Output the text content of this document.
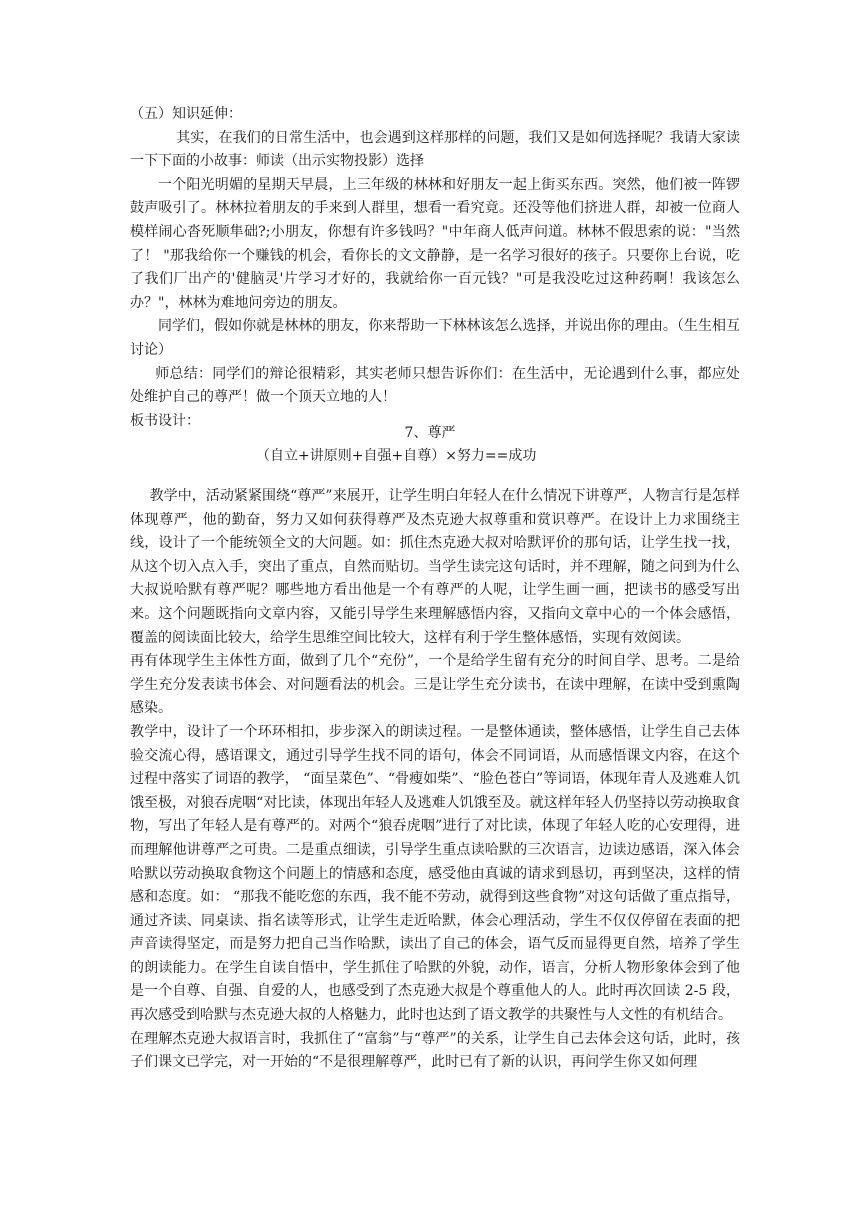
（五）知识延伸：

其实，在我们的日常生活中，也会遇到这样那样的问题，我们又是如何选择呢？我请大家读一下下面的小故事：师读（出示实物投影）选择

一个阳光明媚的星期天早晨，上三年级的林林和好朋友一起上街买东西。突然，他们被一阵锣鼓声吸引了。林林拉着朋友的手来到人群里，想看一看究竟。还没等他们挤进人群，却被一位商人模样闹心沓死顺隼础?;小朋友，你想有许多钱吗？"中年商人低声问道。林林不假思索的说："当然了！ "那我给你一个赚钱的机会，看你长的文文静静，是一名学习很好的孩子。只要你上台说，吃了我们厂出产的'健脑灵'片学习才好的，我就给你一百元钱？"可是我没吃过这种药啊！我该怎么办？"，林林为难地问旁边的朋友。

同学们，假如你就是林林的朋友，你来帮助一下林林该怎么选择，并说出你的理由。（生生相互讨论）

师总结：同学们的辩论很精彩，其实老师只想告诉你们：在生活中，无论遇到什么事，都应处处维护自己的尊严！做一个顶天立地的人！

板书设计：

7、尊严
（自立+讲原则+自强+自尊）×努力==成功

教学中，活动紧紧围绕“尊严”来展开，让学生明白年轻人在什么情况下讲尊严，人物言行是怎样体现尊严，他的勤奋，努力又如何获得尊严及杰克逊大叔尊重和赏识尊严。在设计上力求围绕主线，设计了一个能统领全文的大问题。如：抓住杰克逊大叔对哈默评价的那句话，让学生找一找，从这个切入点入手，突出了重点，自然而贴切。当学生读完这句话时，并不理解，随之问到为什么大叔说哈默有尊严呢？哪些地方看出他是一个有尊严的人呢，让学生画一画，把读书的感受写出来。这个问题既指向文章内容，又能引导学生来理解感悟内容，又指向文章中心的一个体会感悟，覆盖的阅读面比较大，给学生思维空间比较大，这样有利于学生整体感悟，实现有效阅读。

再有体现学生主体性方面，做到了几个“充份”，一个是给学生留有充分的时间自学、思考。二是给学生充分发表读书体会、对问题看法的机会。三是让学生充分读书，在读中理解，在读中受到熏陶感染。

教学中，设计了一个环环相扣，步步深入的朗读过程。一是整体通读，整体感悟，让学生自己去体验交流心得，感语课文，通过引导学生找不同的语句，体会不同词语，从而感悟课文内容，在这个过程中落实了词语的教学， “面呈菜色”、“骨瘦如柴”、“脸色苍白”等词语，体现年青人及逃难人饥饿至极，对狼吞虎咽“对比读，体现出年轻人及逃难人饥饿至及。就这样年轻人仍坚持以劳动换取食物，写出了年轻人是有尊严的。对两个“狼吞虎咽”进行了对比读，体现了年轻人吃的心安理得，进而理解他讲尊严之可贵。二是重点细读，引导学生重点读哈默的三次语言，边读边感语，深入体会哈默以劳动换取食物这个问题上的情感和态度，感受他由真诚的请求到恳切，再到坚决，这样的情感和态度。如： “那我不能吃您的东西，我不能不劳动，就得到这些食物”对这句话做了重点指导，通过齐读、同桌读、指名读等形式，让学生走近哈默，体会心理活动，学生不仅仅停留在表面的把声音读得坚定，而是努力把自己当作哈默，读出了自己的体会，语气反而显得更自然，培养了学生的朗读能力。在学生自读自悟中，学生抓住了哈默的外貌，动作，语言，分析人物形象体会到了他是一个自尊、自强、自爱的人，也感受到了杰克逊大叔是个尊重他人的人。此时再次回读 2-5 段，再次感受到哈默与杰克逊大叔的人格魅力，此时也达到了语文教学的共聚性与人文性的有机结合。

在理解杰克逊大叔语言时，我抓住了“富翁”与“尊严”的关系，让学生自己去体会这句话，此时，孩子们课文已学完，对一开始的“不是很理解尊严，此时已有了新的认识，再问学生你又如何理
